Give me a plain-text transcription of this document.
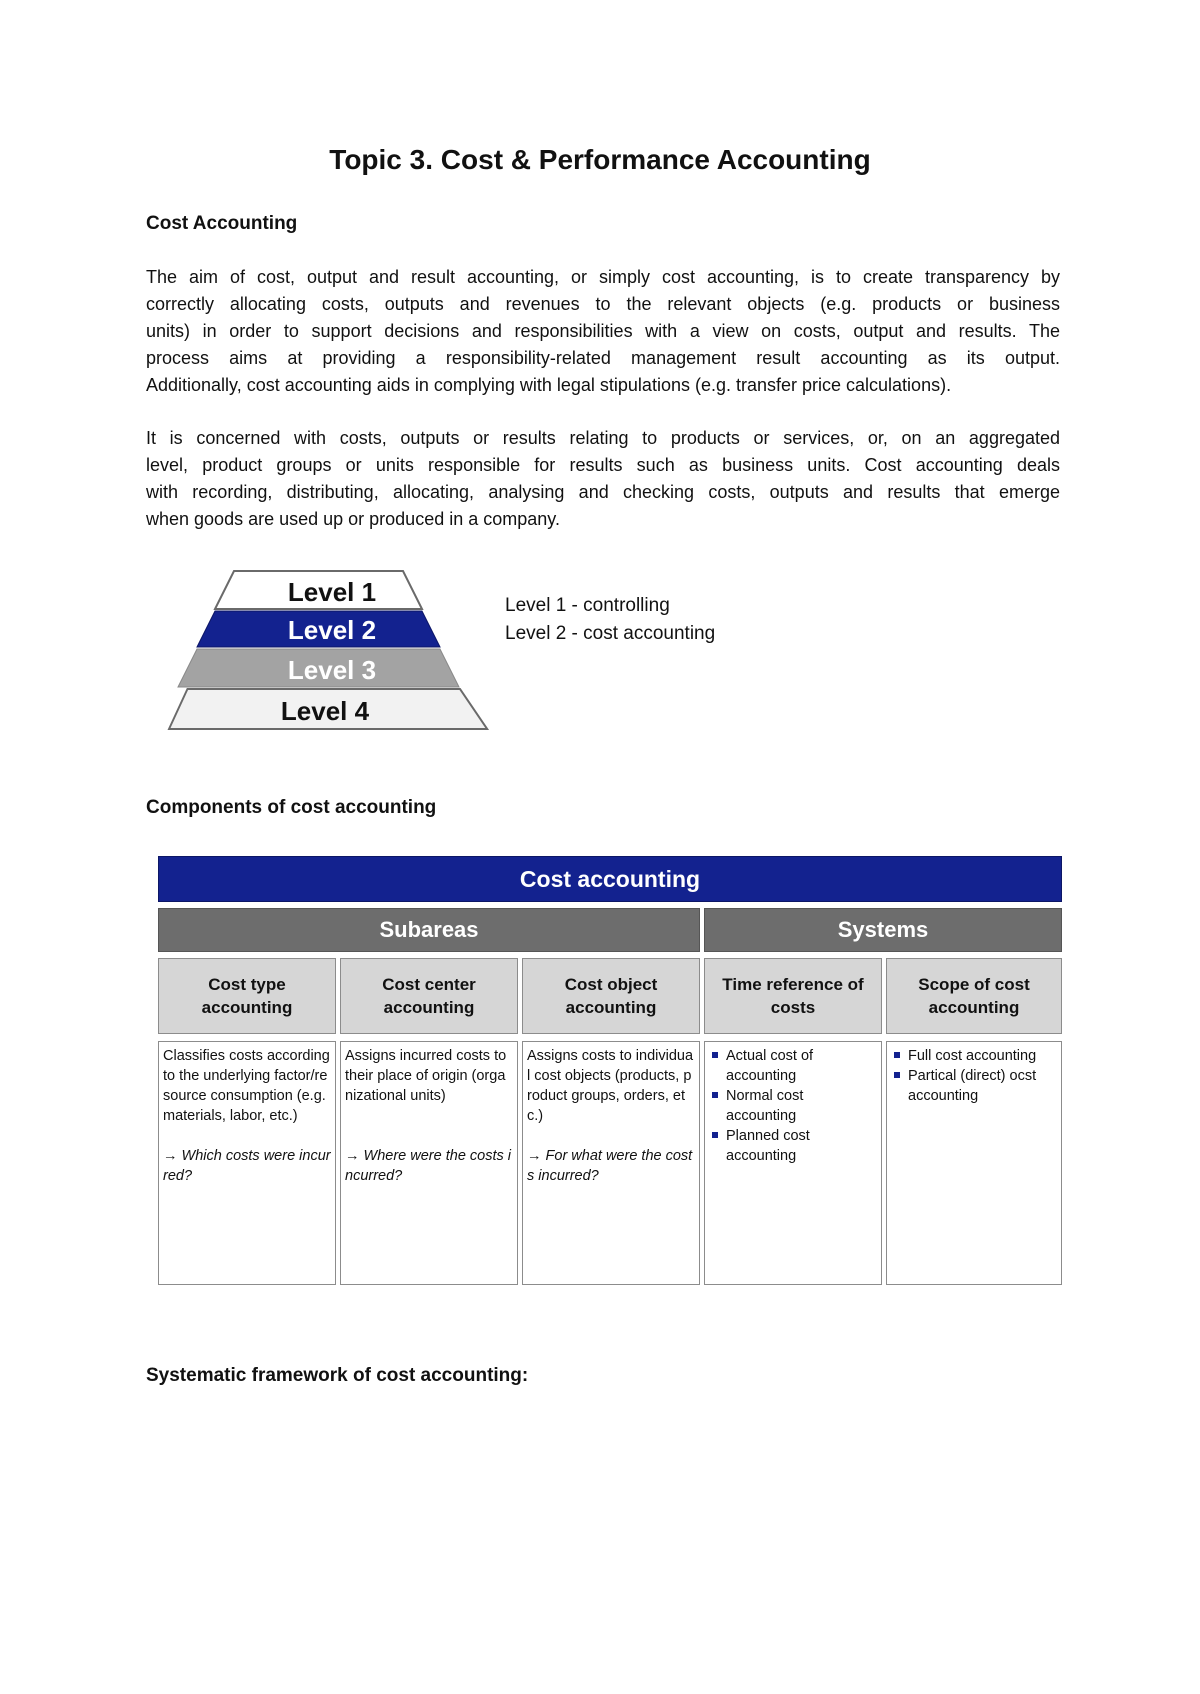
Topic 3. Cost & Performance Accounting
Cost Accounting
The aim of cost, output and result accounting, or simply cost accounting, is to create transparency by
correctly allocating costs, outputs and revenues to the relevant objects (e.g. products or business
units) in order to support decisions and responsibilities with a view on costs, output and results. The
process aims at providing a responsibility-related management result accounting as its output.
Additionally, cost accounting aids in complying with legal stipulations (e.g. transfer price calculations).
It is concerned with costs, outputs or results relating to products or services, or, on an aggregated
level, product groups or units responsible for results such as business units. Cost accounting deals
with recording, distributing, allocating, analysing and checking costs, outputs and results that emerge
when goods are used up or produced in a company.
Level 1
Level 2
Level 3
Level 4
Level 1 - controlling
Level 2 - cost accounting
Components of cost accounting
Cost accounting
Subareas	Systems
Cost type accounting
Cost center accounting
Cost object accounting
Time reference of costs
Scope of cost accounting
Classifies costs according to the underlying factor/resource consumption (e.g. materials, labor, etc.)
→ Which costs were incurred?
Assigns incurred costs to their place of origin (organizational units)
→ Where were the costs incurred?
Assigns costs to individual cost objects (products, product groups, orders, etc.)
→ For what were the costs incurred?
Actual cost of accounting
Normal cost accounting
Planned cost accounting
Full cost accounting
Partical (direct) ocst accounting
Systematic framework of cost accounting:
